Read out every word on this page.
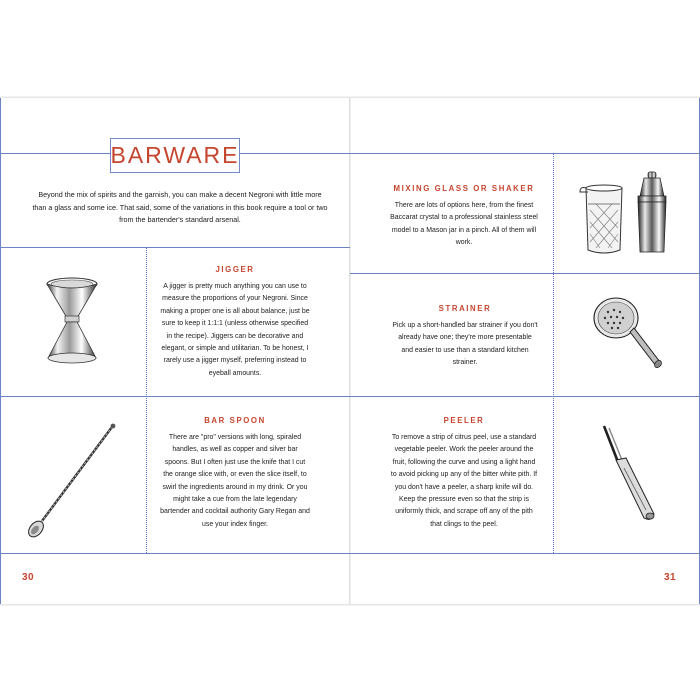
BARWARE
Beyond the mix of spirits and the garnish, you can make a decent Negroni with little more than a glass and some ice. That said, some of the variations in this book require a tool or two from the bartender's standard arsenal.
JIGGER

A jigger is pretty much anything you can use to measure the proportions of your Negroni. Since making a proper one is all about balance, just be sure to keep it 1:1:1 (unless otherwise specified in the recipe). Jiggers can be decorative and elegant, or simple and utilitarian. To be honest, I rarely use a jigger myself, preferring instead to eyeball amounts.

BAR SPOON

There are "pro" versions with long, spiraled handles, as well as copper and silver bar spoons. But I often just use the knife that I cut the orange slice with, or even the slice itself, to swirl the ingredients around in my drink. Or you might take a cue from the late legendary bartender and cocktail authority Gary Regan and use your index finger.

MIXING GLASS OR SHAKER

There are lots of options here, from the finest Baccarat crystal to a professional stainless steel model to a Mason jar in a pinch. All of them will work.

STRAINER

Pick up a short-handled bar strainer if you don't already have one; they're more presentable and easier to use than a standard kitchen strainer.

PEELER

To remove a strip of citrus peel, use a standard vegetable peeler. Work the peeler around the fruit, following the curve and using a light hand to avoid picking up any of the bitter white pith. If you don't have a peeler, a sharp knife will do. Keep the pressure even so that the strip is uniformly thick, and scrape off any of the pith that clings to the peel.

30	31
